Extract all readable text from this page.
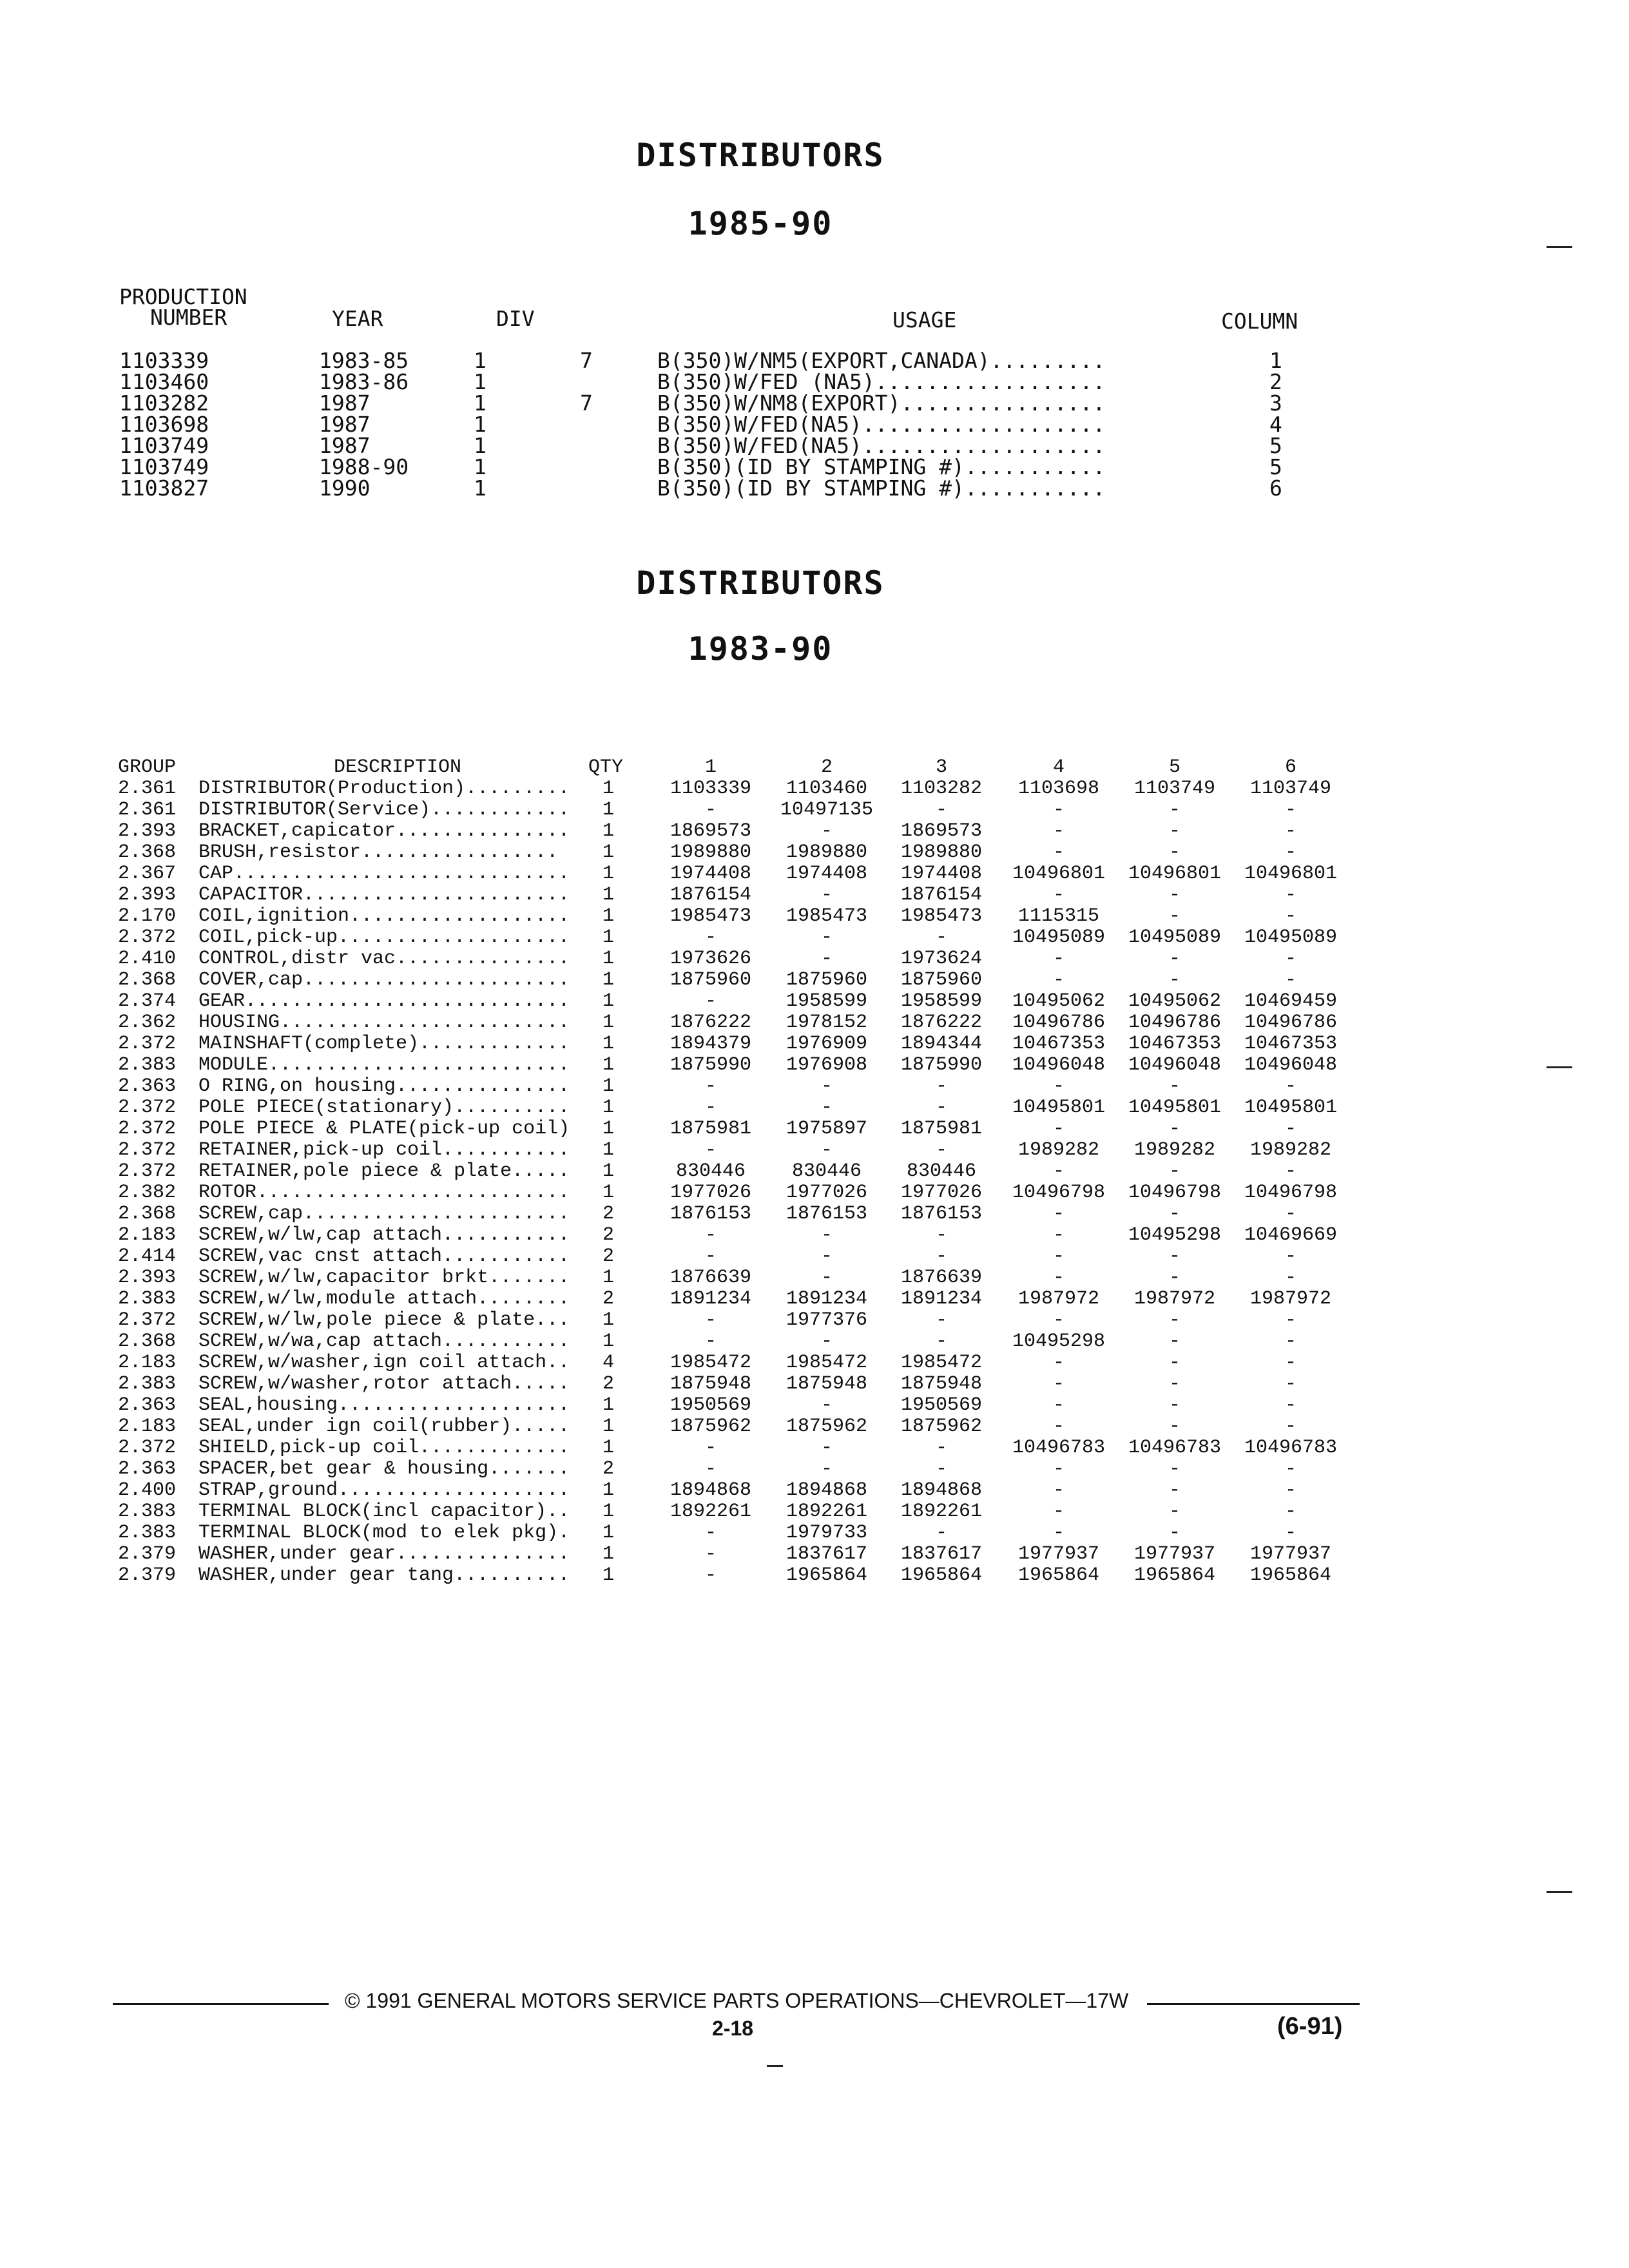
DISTRIBUTORS
1985-90
PRODUCTION
NUMBER	YEAR	DIV	USAGE	COLUMN
1103339	1983-85	1	7	B(350)W/NM5(EXPORT,CANADA).........	1
1103460	1983-86	1	B(350)W/FED (NA5)..................	2
1103282	1987	1	7	B(350)W/NM8(EXPORT)................	3
1103698	1987	1	B(350)W/FED(NA5)...................	4
1103749	1987	1	B(350)W/FED(NA5)...................	5
1103749	1988-90	1	B(350)(ID BY STAMPING #)...........	5
1103827	1990	1	B(350)(ID BY STAMPING #)...........	6
DISTRIBUTORS
1983-90
GROUP	DESCRIPTION	QTY	1	2	3	4	5	6
2.361 DISTRIBUTOR(Production)......... 1	1103339	1103460	1103282	1103698	1103749	1103749
2.361 DISTRIBUTOR(Service)............ 1	-	10497135	-	-	-	-
2.393 BRACKET,capicator............... 1	1869573	-	1869573	-	-	-
2.368 BRUSH,resistor................. 1	1989880	1989880	1989880	-	-	-
2.367 CAP............................. 1	1974408	1974408	1974408	10496801	10496801	10496801
2.393 CAPACITOR....................... 1	1876154	-	1876154	-	-	-
2.170 COIL,ignition................... 1	1985473	1985473	1985473	1115315	-	-
2.372 COIL,pick-up.................... 1	-	-	-	10495089	10495089	10495089
2.410 CONTROL,distr vac............... 1	1973626	-	1973624	-	-	-
2.368 COVER,cap....................... 1	1875960	1875960	1875960	-	-	-
2.374 GEAR............................ 1	-	1958599	1958599	10495062	10495062	10469459
2.362 HOUSING......................... 1	1876222	1978152	1876222	10496786	10496786	10496786
2.372 MAINSHAFT(complete)............. 1	1894379	1976909	1894344	10467353	10467353	10467353
2.383 MODULE.......................... 1	1875990	1976908	1875990	10496048	10496048	10496048
2.363 O RING,on housing............... 1	-	-	-	-	-	-
2.372 POLE PIECE(stationary).......... 1	-	-	-	10495801	10495801	10495801
2.372 POLE PIECE & PLATE(pick-up coil) 1	1875981	1975897	1875981	-	-	-
2.372 RETAINER,pick-up coil........... 1	-	-	-	1989282	1989282	1989282
2.372 RETAINER,pole piece & plate..... 1	830446	830446	830446	-	-	-
2.382 ROTOR........................... 1	1977026	1977026	1977026	10496798	10496798	10496798
2.368 SCREW,cap....................... 2	1876153	1876153	1876153	-	-	-
2.183 SCREW,w/lw,cap attach........... 2	-	-	-	-	10495298	10469669
2.414 SCREW,vac cnst attach........... 2	-	-	-	-	-	-
2.393 SCREW,w/lw,capacitor brkt....... 1	1876639	-	1876639	-	-	-
2.383 SCREW,w/lw,module attach........ 2	1891234	1891234	1891234	1987972	1987972	1987972
2.372 SCREW,w/lw,pole piece & plate... 1	-	1977376	-	-	-	-
2.368 SCREW,w/wa,cap attach........... 1	-	-	-	10495298	-	-
2.183 SCREW,w/washer,ign coil attach.. 4	1985472	1985472	1985472	-	-	-
2.383 SCREW,w/washer,rotor attach..... 2	1875948	1875948	1875948	-	-	-
2.363 SEAL,housing.................... 1	1950569	-	1950569	-	-	-
2.183 SEAL,under ign coil(rubber)..... 1	1875962	1875962	1875962	-	-	-
2.372 SHIELD,pick-up coil............. 1	-	-	-	10496783	10496783	10496783
2.363 SPACER,bet gear & housing....... 2	-	-	-	-	-	-
2.400 STRAP,ground.................... 1	1894868	1894868	1894868	-	-	-
2.383 TERMINAL BLOCK(incl capacitor).. 1	1892261	1892261	1892261	-	-	-
2.383 TERMINAL BLOCK(mod to elek pkg). 1	-	1979733	-	-	-	-
2.379 WASHER,under gear............... 1	-	1837617	1837617	1977937	1977937	1977937
2.379 WASHER,under gear tang.......... 1	-	1965864	1965864	1965864	1965864	1965864
© 1991 GENERAL MOTORS SERVICE PARTS OPERATIONS—CHEVROLET—17W
2-18	(6-91)
